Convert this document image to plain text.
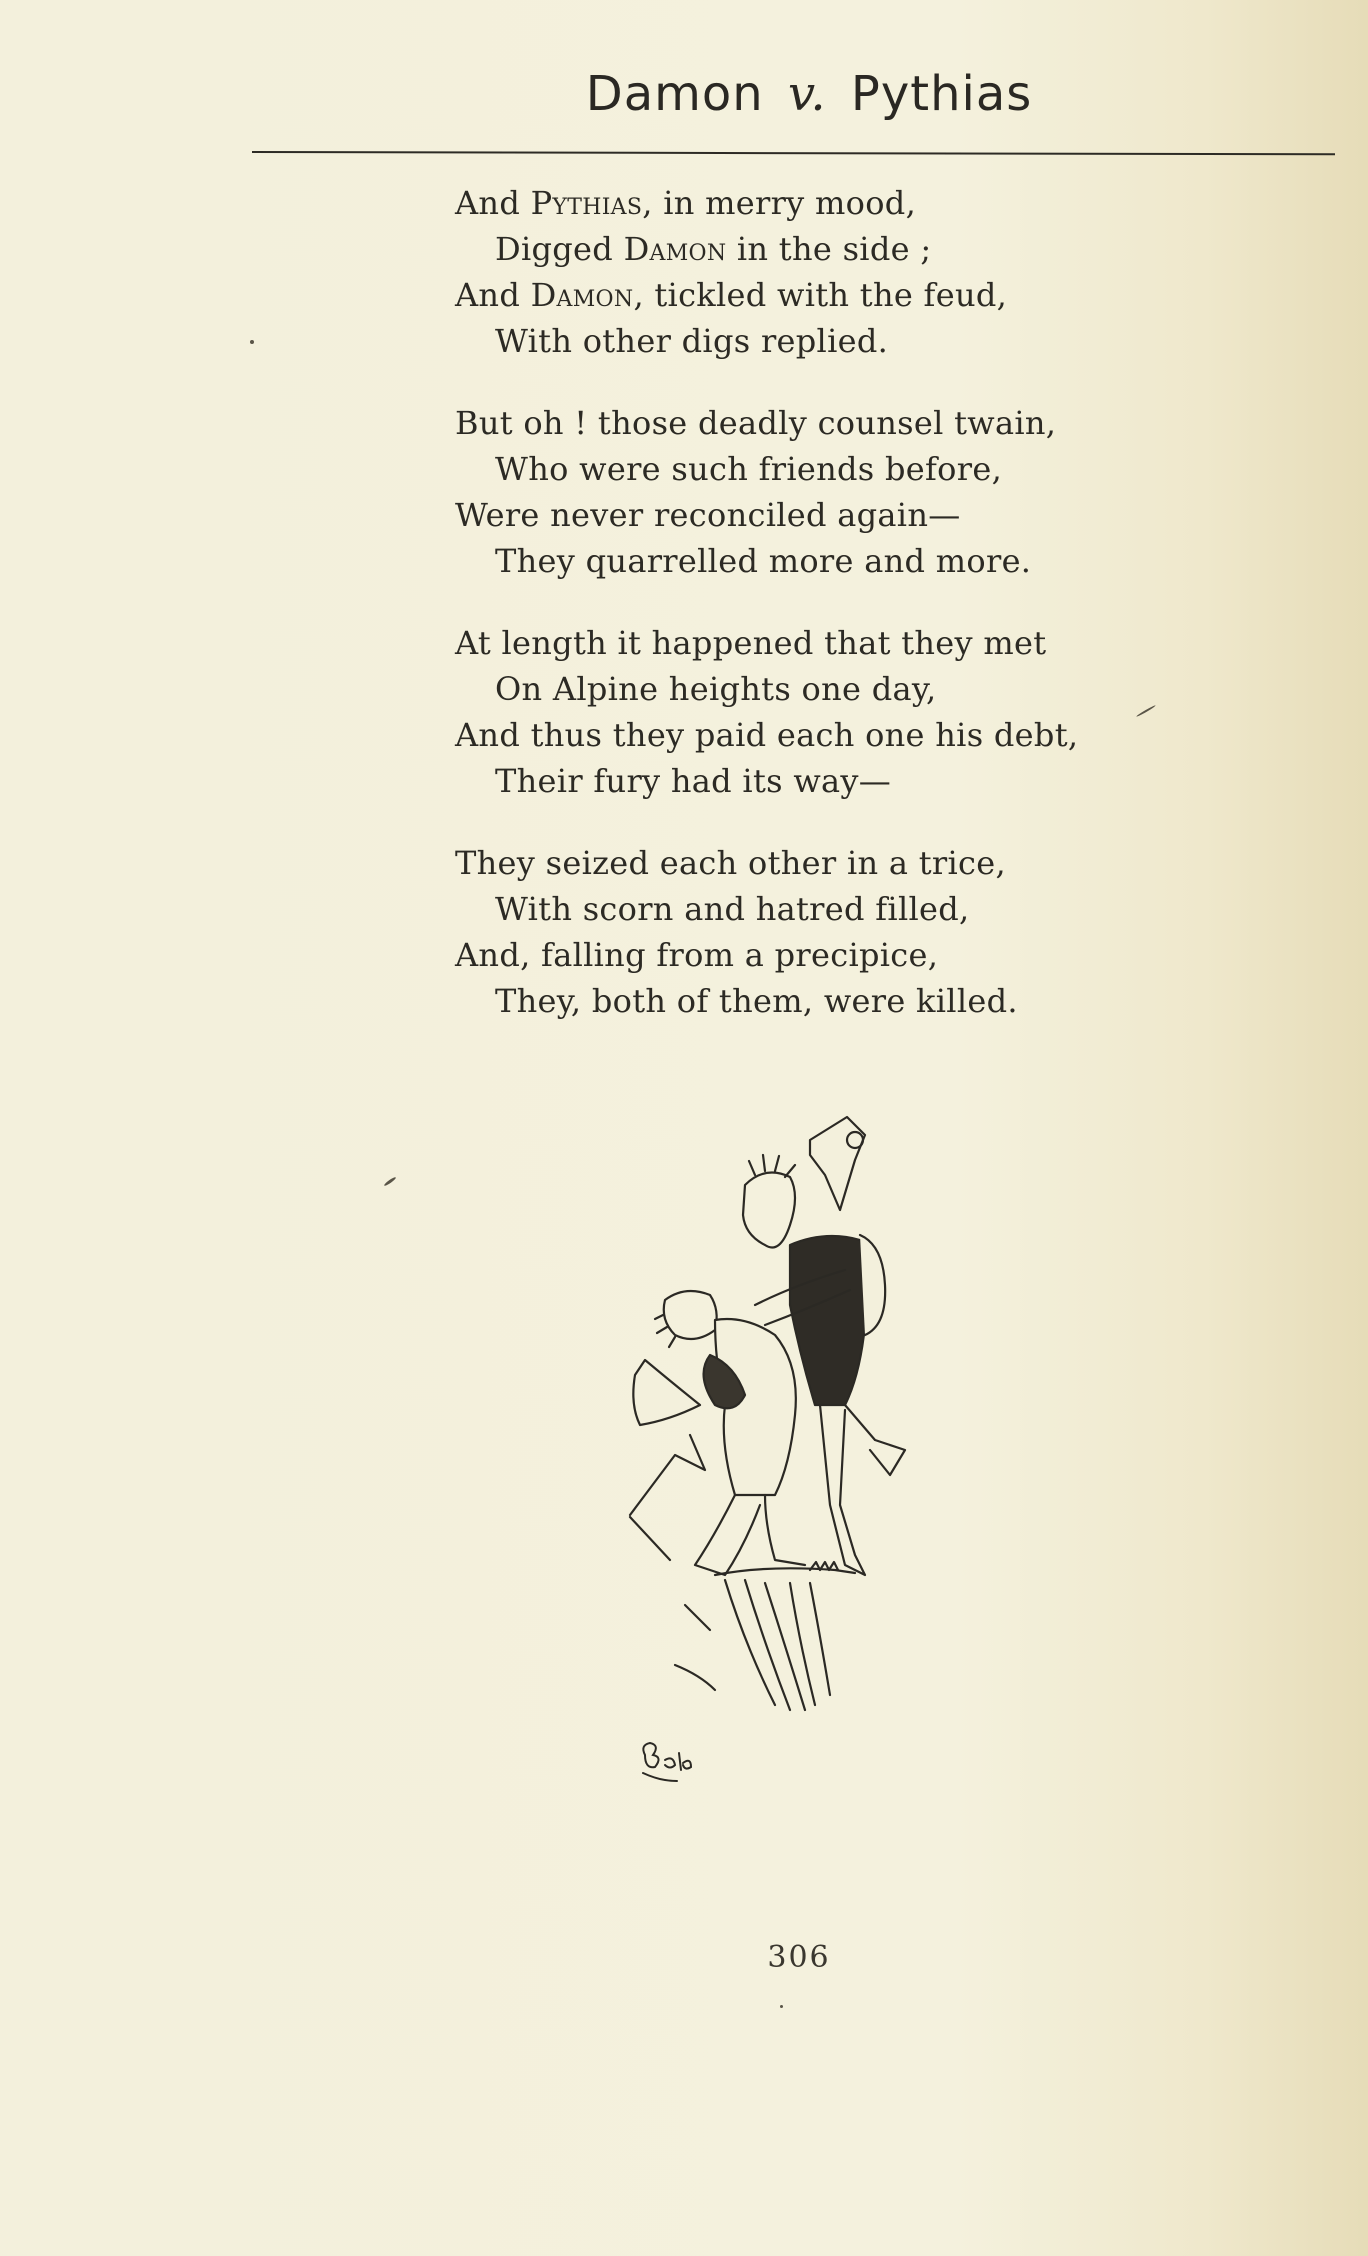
Damon v. Pythias
And Pythias, in merry mood,
Digged Damon in the side ;
And Damon, tickled with the feud,
With other digs replied.
But oh ! those deadly counsel twain,
Who were such friends before,
Were never reconciled again—
They quarrelled more and more.
At length it happened that they met
On Alpine heights one day,
And thus they paid each one his debt,
Their fury had its way—
They seized each other in a trice,
With scorn and hatred filled,
And, falling from a precipice,
They, both of them, were killed.
306
